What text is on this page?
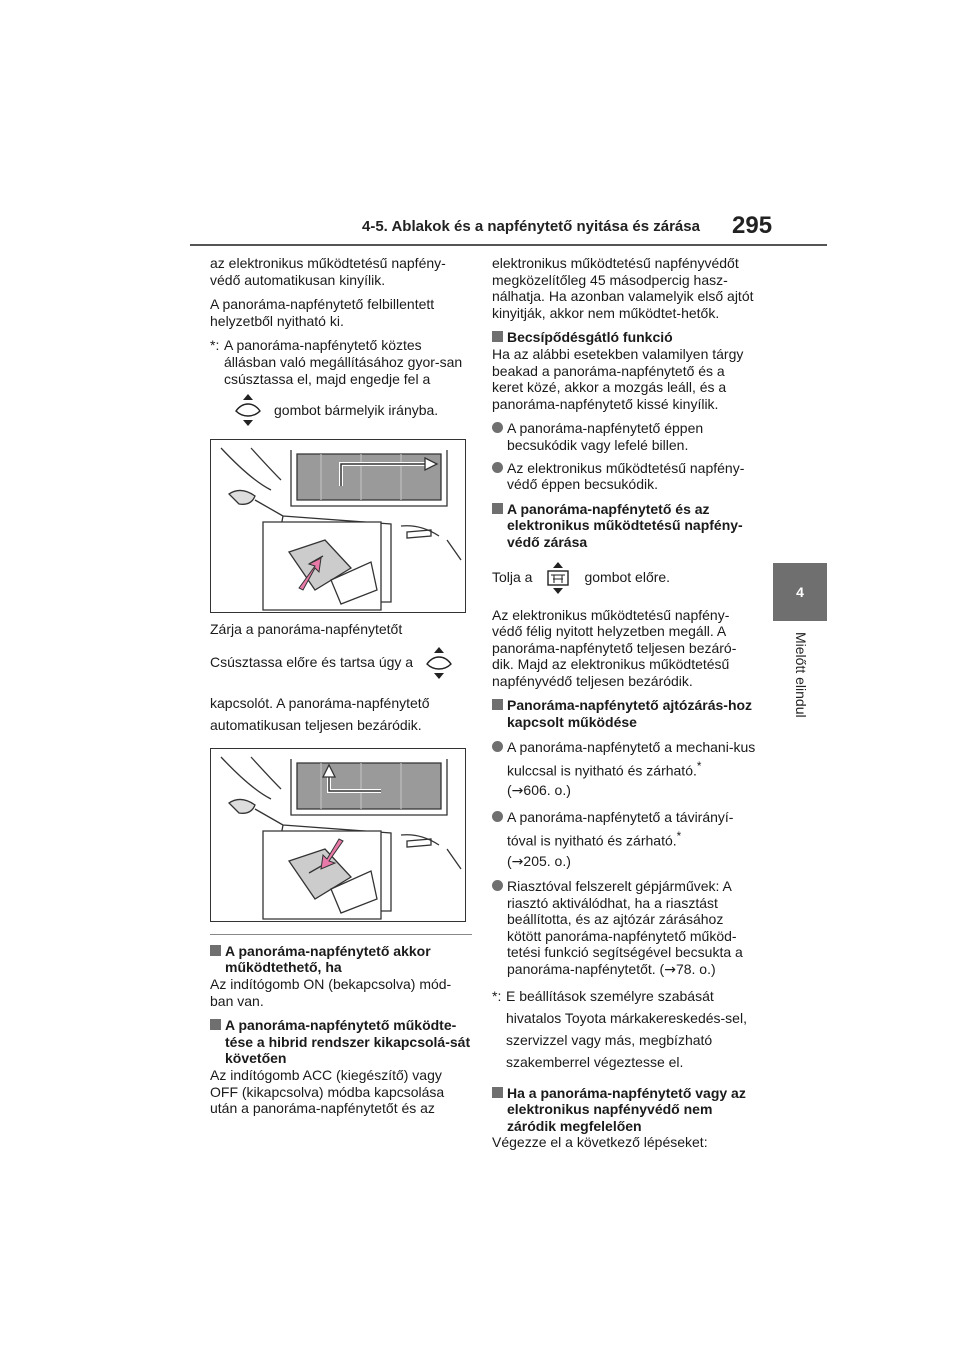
4-5. Ablakok és a napfénytető nyitása és zárása 295
4
Mielőtt elindul

az elektronikus működtetésű napfény-védő automatikusan kinyílik.

A panoráma-napfénytető felbillentett helyzetből nyitható ki.

*: A panoráma-napfénytető köztes állásban való megállításához gyor-san csúsztassa el, majd engedje fel a
gombot bármelyik irányba.

Zárja a panoráma-napfénytetőt

Csúsztassa előre és tartsa úgy a

kapcsolót. A panoráma-napfénytető automatikusan teljesen bezáródik.

A panoráma-napfénytető akkor működtethető, ha

Az indítógomb ON (bekapcsolva) mód-ban van.

A panoráma-napfénytető működte-tése a hibrid rendszer kikapcsolá-sát követően

Az indítógomb ACC (kiegészítő) vagy OFF (kikapcsolva) módba kapcsolása után a panoráma-napfénytetőt és az

elektronikus működtetésű napfényvédőt megközelítőleg 45 másodpercig hasz-nálhatja. Ha azonban valamelyik első ajtót kinyitják, akkor nem működtet-hetők.

Becsípődésgátló funkció

Ha az alábbi esetekben valamilyen tárgy beakad a panoráma-napfénytető és a keret közé, akkor a mozgás leáll, és a panoráma-napfénytető kissé kinyílik.

A panoráma-napfénytető éppen becsukódik vagy lefelé billen.
Az elektronikus működtetésű napfény-védő éppen becsukódik.
A panoráma-napfénytető és az elektronikus működtetésű napfény-védő zárása
Tolja a	gombot előre.

Az elektronikus működtetésű napfény-védő félig nyitott helyzetben megáll. A panoráma-napfénytető teljesen bezáró-dik. Majd az elektronikus működtetésű napfényvédő teljesen bezáródik.

Panoráma-napfénytető ajtózárás-hoz kapcsolt működése
A panoráma-napfénytető a mechani-kus kulccsal is nyitható és zárható.*
(→606. o.)
A panoráma-napfénytető a távirányí-tóval is nyitható és zárható.*
(→205. o.)
Riasztóval felszerelt gépjárművek: A riasztó aktiválódhat, ha a riasztást beállította, és az ajtózár zárásához kötött panoráma-napfénytető működ-tetési funkció segítségével becsukta a panoráma-napfénytetőt. (→78. o.)
*: E beállítások személyre szabását hivatalos Toyota márkakereskedés-sel, szervizzel vagy más, megbízható szakemberrel végeztesse el.
Ha a panoráma-napfénytető vagy az elektronikus napfényvédő nem záródik megfelelően

Végezze el a következő lépéseket:
